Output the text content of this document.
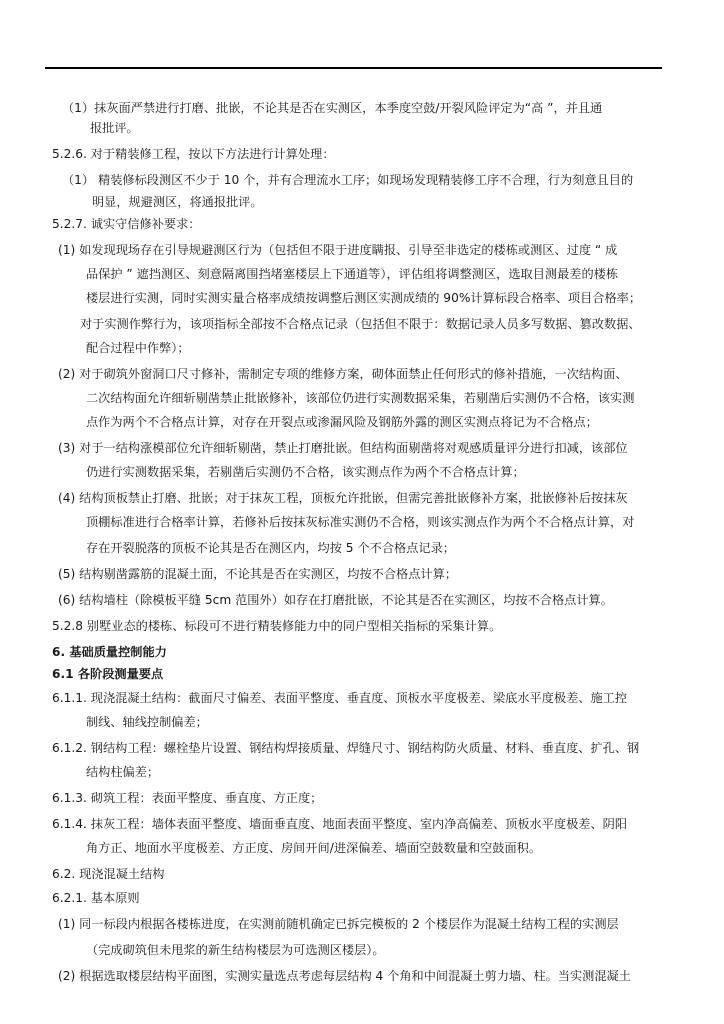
（1）抹灰面严禁进行打磨、批嵌，不论其是否在实测区，本季度空鼓/开裂风险评定为“高 ”，并且通
报批评。
5.2.6. 对于精装修工程，按以下方法进行计算处理：
（1） 精装修标段测区不少于 10 个，并有合理流水工序；如现场发现精装修工序不合理，行为刻意且目的
明显，规避测区，将通报批评。
5.2.7. 诚实守信修补要求：
(1) 如发现现场存在引导规避测区行为（包括但不限于进度瞒报、引导至非选定的楼栋或测区、过度 “ 成
品保护 ” 遮挡测区、刻意隔离围挡堵塞楼层上下通道等），评估组将调整测区，选取目测最差的楼栋
楼层进行实测，同时实测实量合格率成绩按调整后测区实测成绩的 90%计算标段合格率、项目合格率；
对于实测作弊行为，该项指标全部按不合格点记录（包括但不限于：数据记录人员多写数据、篡改数据、
配合过程中作弊）；
(2) 对于砌筑外窗洞口尺寸修补，需制定专项的维修方案，砌体面禁止任何形式的修补措施，一次结构面、
二次结构面允许细斩剔凿禁止批嵌修补，该部位仍进行实测数据采集，若剔凿后实测仍不合格，该实测
点作为两个不合格点计算，对存在开裂点或渗漏风险及钢筋外露的测区实测点将记为不合格点；
(3) 对于一结构涨模部位允许细斩剔凿，禁止打磨批嵌。但结构面剔凿将对观感质量评分进行扣减，该部位
仍进行实测数据采集，若剔凿后实测仍不合格，该实测点作为两个不合格点计算；
(4) 结构顶板禁止打磨、批嵌；对于抹灰工程，顶板允许批嵌，但需完善批嵌修补方案，批嵌修补后按抹灰
顶棚标准进行合格率计算，若修补后按抹灰标准实测仍不合格，则该实测点作为两个不合格点计算，对
存在开裂脱落的顶板不论其是否在测区内，均按 5 个不合格点记录；
(5) 结构剔凿露筋的混凝土面，不论其是否在实测区，均按不合格点计算；
(6) 结构墙柱（除模板平缝 5cm 范围外）如存在打磨批嵌，不论其是否在实测区，均按不合格点计算。
5.2.8 别墅业态的楼栋、标段可不进行精装修能力中的同户型相关指标的采集计算。
6. 基础质量控制能力
6.1 各阶段测量要点
6.1.1. 现浇混凝土结构：截面尺寸偏差、表面平整度、垂直度、顶板水平度极差、梁底水平度极差、施工控
制线、轴线控制偏差；
6.1.2. 钢结构工程：螺栓垫片设置、钢结构焊接质量、焊缝尺寸、钢结构防火质量、材料、垂直度、扩孔、钢
结构柱偏差；
6.1.3. 砌筑工程：表面平整度、垂直度、方正度；
6.1.4. 抹灰工程：墙体表面平整度、墙面垂直度、地面表面平整度、室内净高偏差、顶板水平度极差、阴阳
角方正、地面水平度极差、方正度、房间开间/进深偏差、墙面空鼓数量和空鼓面积。
6.2. 现浇混凝土结构
6.2.1. 基本原则
(1) 同一标段内根据各楼栋进度，在实测前随机确定已拆完模板的 2 个楼层作为混凝土结构工程的实测层
（完成砌筑但未甩浆的新生结构楼层为可选测区楼层）。
(2) 根据选取楼层结构平面图，实测实量选点考虑每层结构 4 个角和中间混凝土剪力墙、柱。当实测混凝土
